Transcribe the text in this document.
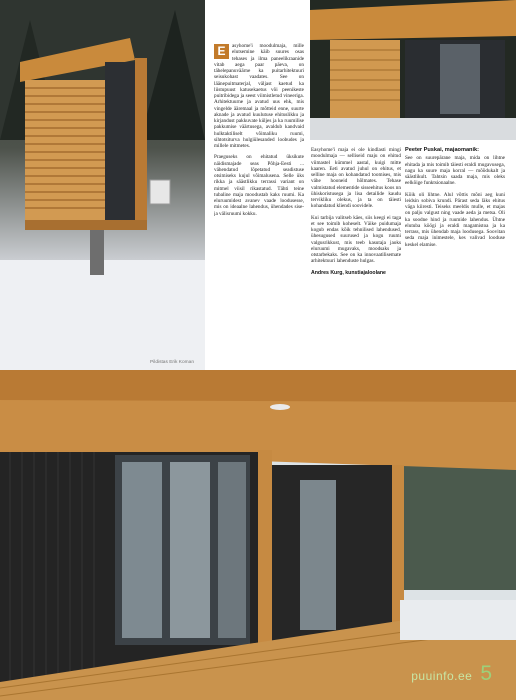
Pildistas Erik Koman

E	asyhome'i moodulmaja, mille elutsemine käib suures osas tehases ja ilma paneelikraanide vitab aega paar päeva, on tähelepanuväärne ka puitarhitektuuri seisukohast vaadates. See on läänepuitmaterjal, väljast kaetud ka liistupuust katusekaetus või peenikeste puitribidega ja seest viimistletud vineeriga. Arhitektuurne ja avatud uus ehk, mis vingelde ääremaal ja mõtteid enne, suurte aknade ja avatud kuulutuse ehituslikku ja kirjandust pakkuvate küljes ja ka ruumilise pakkumise väärtusega, avaldub kandvaid hulktaktiliselt võimaliku ruumi, sihtotsiturva hulgiülesanded loobudes ja millele mitmetes.

Praeguseks on ehitatud üksikute näidismajade seas Põhja-Eesti ... vähendatud lõpetatud seadistuse otsimiseks kujul võimalusena. Selle üks rikka ja säästlikku terrassi variant on mitmel viisil rikastatud. Tähti teine tubaline maja moodustab kaks ruumi. Ka eluruumidest avanev vaade loodusesse, mis on ideaalne lahendus, ühendades sise- ja välisruumi kokku.

Easyhome'i maja ei ole kindlasti mingi moodulmaja — selliseid maju on ehitud viimastel kümmel aastal, kuigi mitte kaaren. Eeti avatud juhul on ehitus, et selline maja on kohandatud toomises, mis vähe hooneid hõlmates. Tehase valmistatud elementide sisseehitus koos nn ühiskoristusega ja lisa detailide kaudu tervikliku olekus, ja ta on täiesti kohandatud kliendi soovidele.

Kui tarbija valitseb käes, siis keegi ei taga et see toimib koheselt. Väike puidumaja kogub endas kõik tehnilised lahendused, ühesugused suurused ja kogu ruumi valgusrikkust, mis teeb kasutaja jaoks eluruumi mugavaks, moodsaks ja otstarbekaks. See on ka innovaatilisemate arhitektuuri lahenduste hulgas.

Andres Kurg, kunstiajaloolane
Peeter Puskai, majaomanik:

See on suurepärane maja, mida on lihtne ehitada ja mis toimib täiesti eraldi mugavusega, nagu ka suure maja korral — mõõdukalt ja säästlikult. Tahtsin saada maja, mis oleks eelkõige funktsionaalne.

Kõik oli lihtne. Alul võttis mõni aeg kuni leidsin sobiva krundi. Pärast seda läks ehitus väga kiiresti. Teiseks meeldis mulle, et majas on palju valgust ning vaade aeda ja metsa. Oli ka soodne hind ja ruumide lahendus. Ühtne elutuba köögi ja eraldi magamistoa ja ka terrass, mis ühendab maja loodusega. Soovitan seda maja inimestele, kes valivad looduse keskel elamise.

puuinfo.ee 5
